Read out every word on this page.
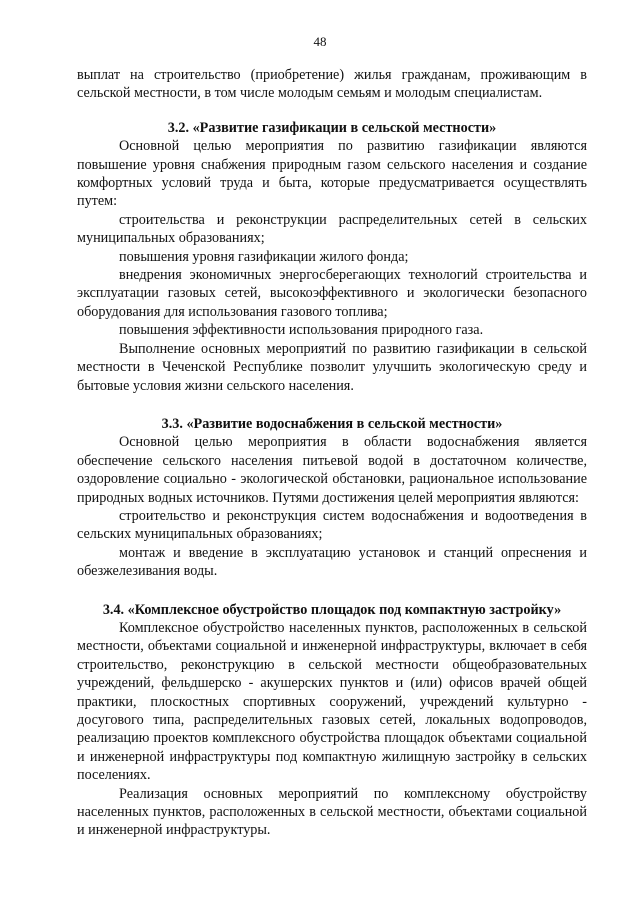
48

выплат на строительство (приобретение) жилья гражданам, проживающим в сельской местности, в том числе молодым семьям и молодым специалистам.

3.2. «Развитие газификации в сельской местности»

Основной целью мероприятия по развитию газификации являются повышение уровня снабжения природным газом сельского населения и создание комфортных условий труда и быта, которые предусматривается осуществлять путем:

строительства и реконструкции распределительных сетей в сельских муниципальных образованиях;

повышения уровня газификации жилого фонда;

внедрения экономичных энергосберегающих технологий строительства и эксплуатации газовых сетей, высокоэффективного и экологически безопасного оборудования для использования газового топлива;

повышения эффективности использования природного газа.

Выполнение основных мероприятий по развитию газификации в сельской местности в Чеченской Республике позволит улучшить экологическую среду и бытовые условия жизни сельского населения.

3.3. «Развитие водоснабжения в сельской местности»

Основной целью мероприятия в области водоснабжения является обеспечение сельского населения питьевой водой в достаточном количестве, оздоровление социально - экологической обстановки, рациональное использование природных водных источников. Путями достижения целей мероприятия являются:

строительство и реконструкция систем водоснабжения и водоотведения в сельских муниципальных образованиях;

монтаж и введение в эксплуатацию установок и станций опреснения и обезжелезивания воды.

3.4. «Комплексное обустройство площадок под компактную застройку»

Комплексное обустройство населенных пунктов, расположенных в сельской местности, объектами социальной и инженерной инфраструктуры, включает в себя строительство, реконструкцию в сельской местности общеобразовательных учреждений, фельдшерско - акушерских пунктов и (или) офисов врачей общей практики, плоскостных спортивных сооружений, учреждений культурно - досугового типа, распределительных газовых сетей, локальных водопроводов, реализацию проектов комплексного обустройства площадок объектами социальной и инженерной инфраструктуры под компактную жилищную застройку в сельских поселениях.

Реализация основных мероприятий по комплексному обустройству населенных пунктов, расположенных в сельской местности, объектами социальной и инженерной инфраструктуры.
